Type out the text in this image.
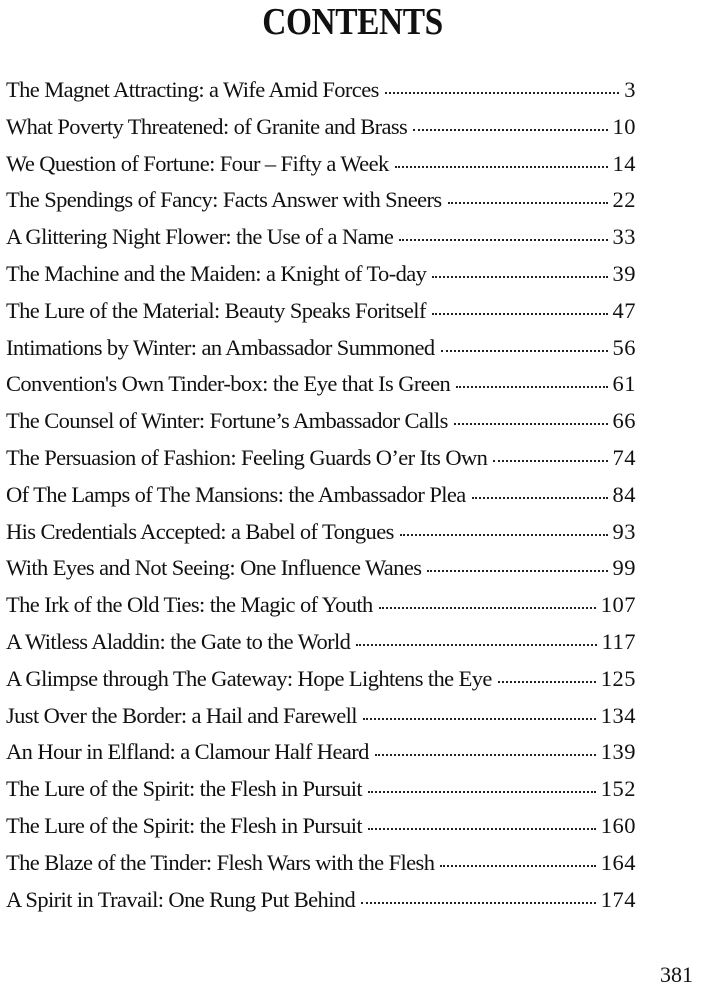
CONTENTS
The Magnet Attracting: a Wife Amid Forces	3
What Poverty Threatened: of Granite and Brass	10
We Question of Fortune: Four – Fifty a Week	14
The Spendings of Fancy: Facts Answer with Sneers	22
A Glittering Night Flower: the Use of a Name	33
The Machine and the Maiden: a Knight of To-day	39
The Lure of the Material: Beauty Speaks Foritself	47
Intimations by Winter: an Ambassador Summoned	56
Convention's Own Tinder-box: the Eye that Is Green	61
The Counsel of Winter: Fortune’s Ambassador Calls	66
The Persuasion of Fashion: Feeling Guards O’er Its Own	74
Of The Lamps of The Mansions: the Ambassador Plea	84
His Credentials Accepted: a Babel of Tongues	93
With Eyes and Not Seeing: One Influence Wanes	99
The Irk of the Old Ties: the Magic of Youth	107
A Witless Aladdin: the Gate to the World	117
A Glimpse through The Gateway: Hope Lightens the Eye	125
Just Over the Border: a Hail and Farewell	134
An Hour in Elfland: a Clamour Half Heard	139
The Lure of the Spirit: the Flesh in Pursuit	152
The Lure of the Spirit: the Flesh in Pursuit	160
The Blaze of the Tinder: Flesh Wars with the Flesh	164
A Spirit in Travail: One Rung Put Behind	174
381
